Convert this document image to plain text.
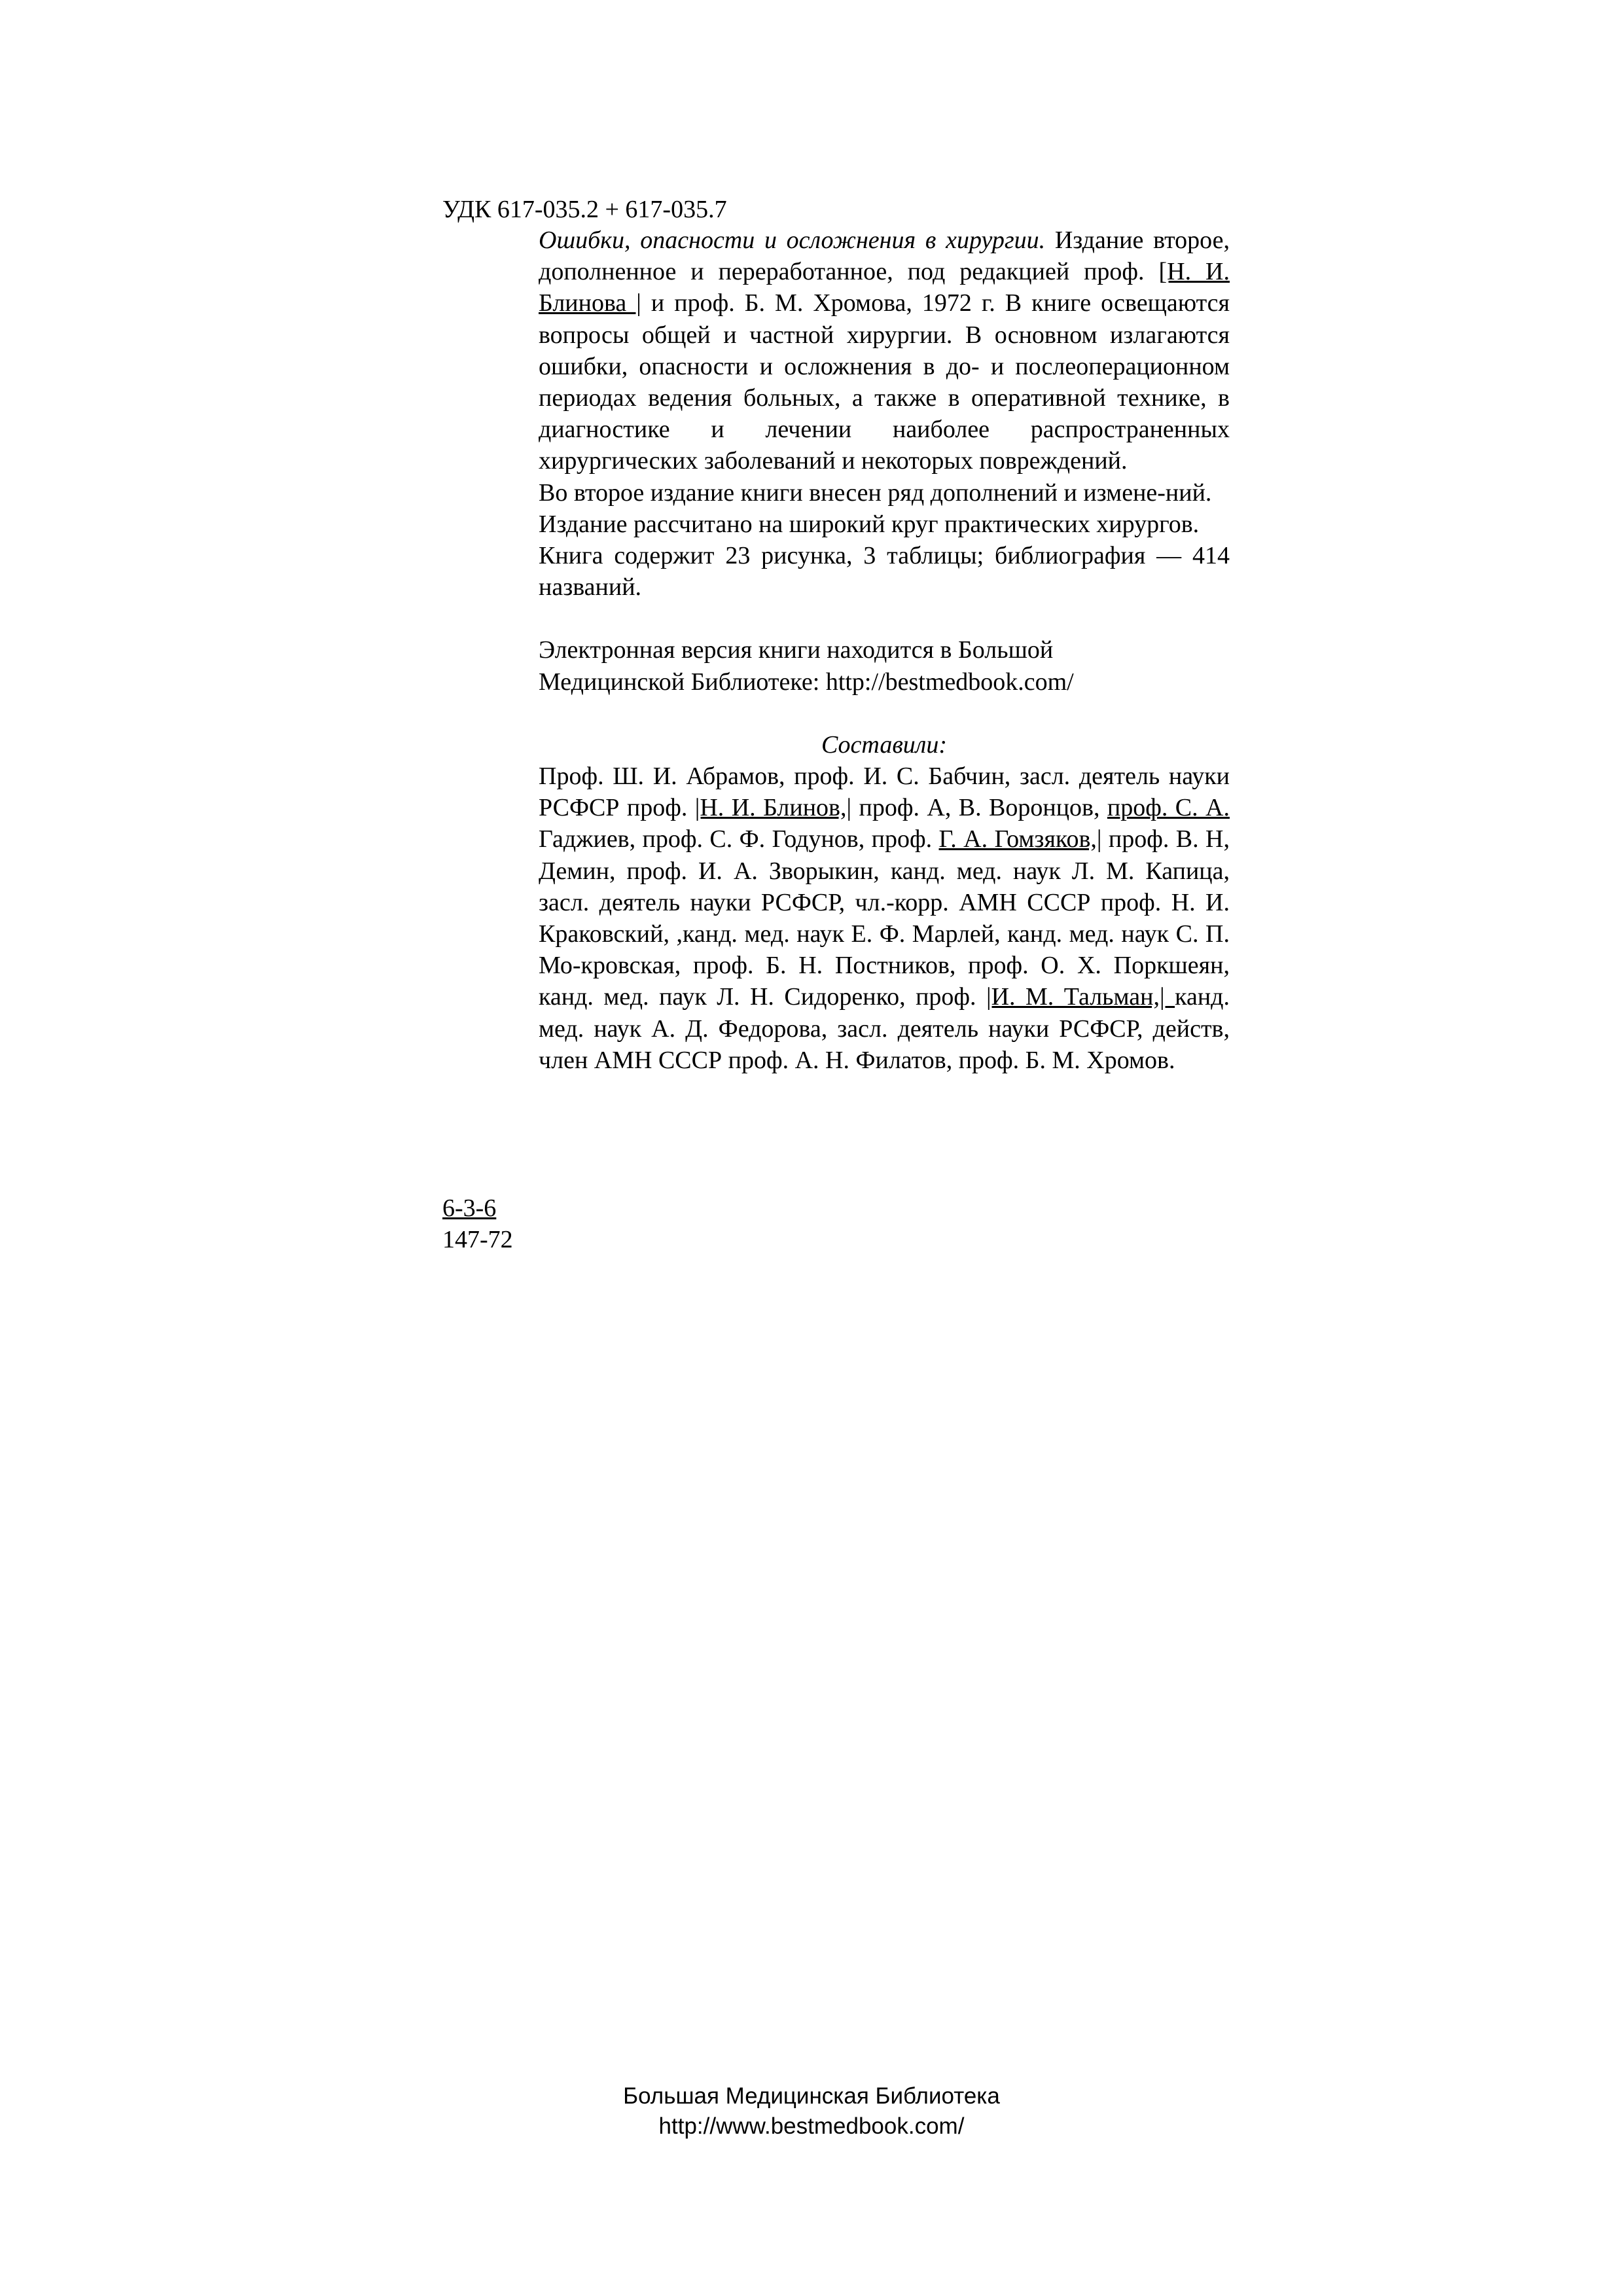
УДК 617-035.2 + 617-035.7

Ошибки, опасности и осложнения в хирургии. Издание второе, дополненное и переработанное, под редакцией проф. [Н. И. Блинова | и проф. Б. М. Хромова, 1972 г. В книге освещаются вопросы общей и частной хирургии. В основном излагаются ошибки, опасности и осложнения в до- и послеоперационном периодах ведения больных, а также в оперативной технике, в диагностике и лечении наиболее распространенных хирургических заболеваний и некоторых повреждений.

Во второе издание книги внесен ряд дополнений и измене-ний.

Издание рассчитано на широкий круг практических хирургов.

Книга содержит 23 рисунка, 3 таблицы; библиография — 414 названий.

Электронная версия книги находится в Большой

Медицинской Библиотеке: http://bestmedbook.com/

Составили:

Проф. Ш. И. Абрамов, проф. И. С. Бабчин, засл. деятель науки РСФСР проф. |Н. И. Блинов,| проф. А, В. Воронцов, проф. С. А. Гаджиев, проф. С. Ф. Годунов, проф. Г. А. Гомзяков,| проф. В. Н, Демин, проф. И. А. Зворыкин, канд. мед. наук Л. М. Капица, засл. деятель науки РСФСР, чл.-корр. АМН СССР проф. Н. И. Краковский, ,канд. мед. наук Е. Ф. Марлей, канд. мед. наук С. П. Мо-кровская, проф. Б. Н. Постников, проф. О. Х. Поркшеян, канд. мед. паук Л. Н. Сидоренко, проф. |И. М. Тальман,| канд. мед. наук А. Д. Федорова, засл. деятель науки РСФСР, действ, член АМН СССР проф. А. Н. Филатов, проф. Б. М. Хромов.

6-3-6
147-72
Большая Медицинская Библиотека
http://www.bestmedbook.com/
